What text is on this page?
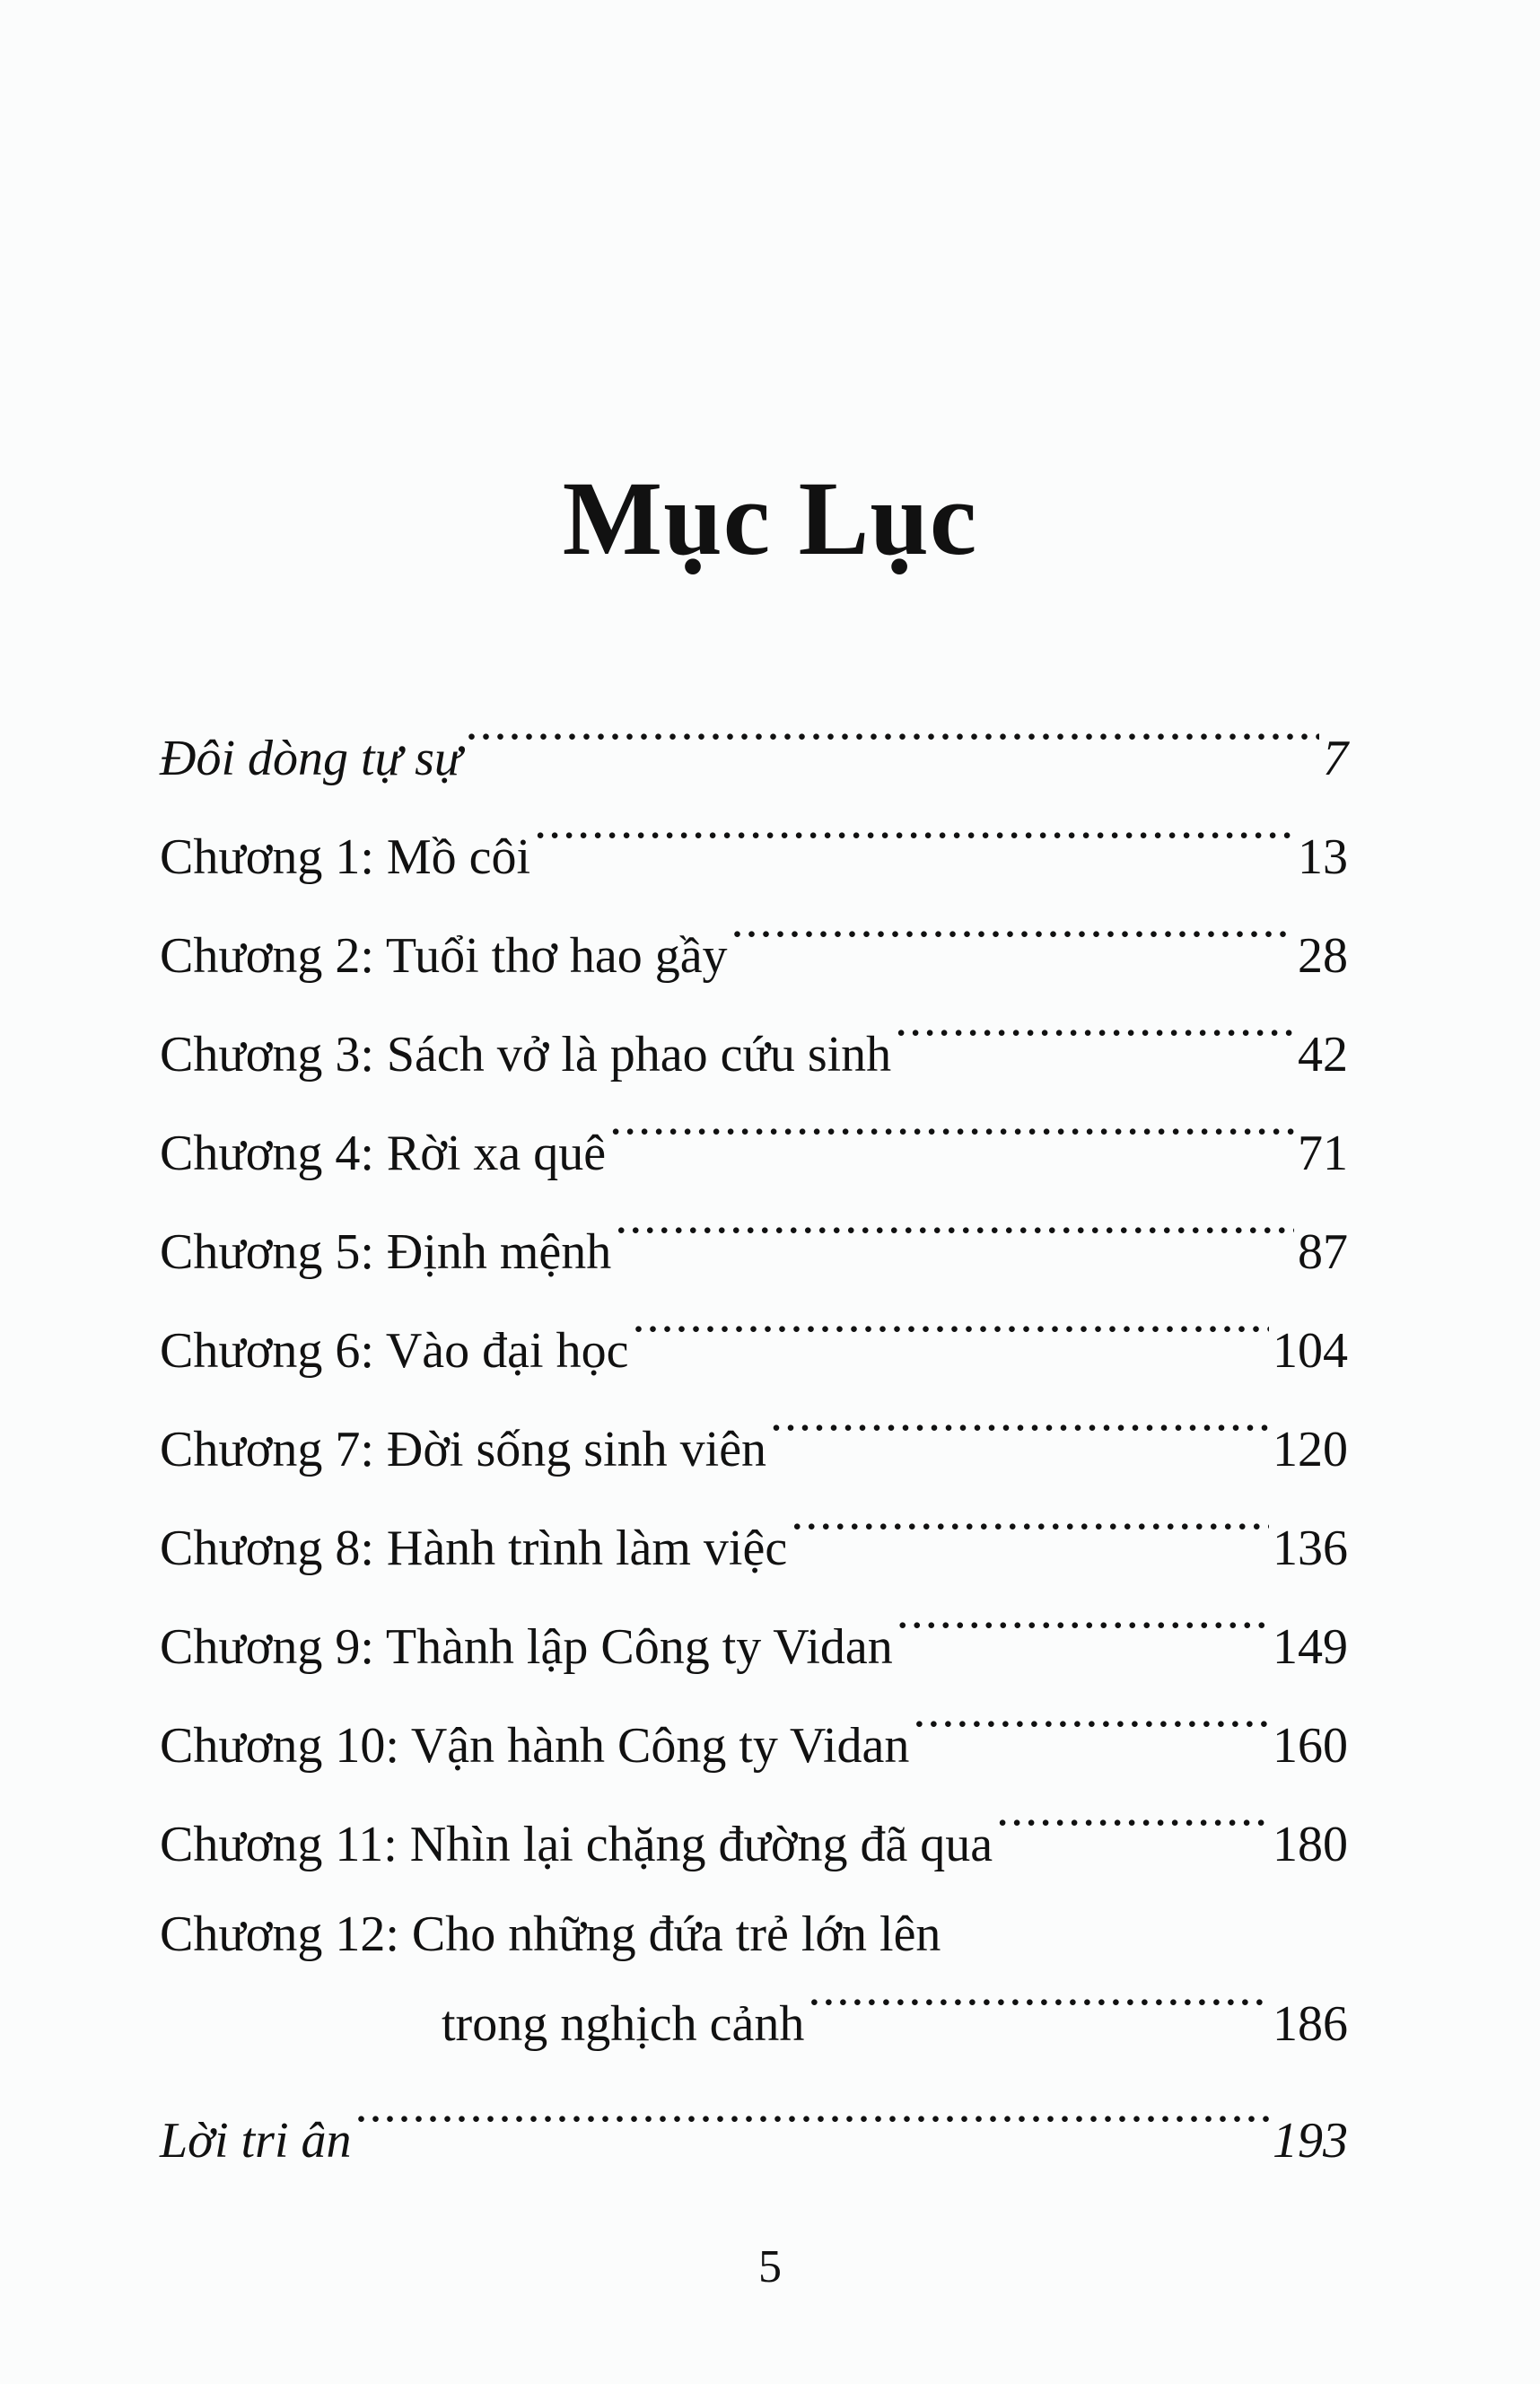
Mục Lục
Đôi dòng tự sự . . .	7
Chương 1: Mồ côi . . .	13
Chương 2: Tuổi thơ hao gầy . . .	28
Chương 3: Sách vở là phao cứu sinh . . .	42
Chương 4: Rời xa quê . . .	71
Chương 5: Định mệnh . . .	87
Chương 6: Vào đại học . . .	104
Chương 7: Đời sống sinh viên . . .	120
Chương 8: Hành trình làm việc . . .	136
Chương 9: Thành lập Công ty Vidan . . .	149
Chương 10: Vận hành Công ty Vidan . . .	160
Chương 11: Nhìn lại chặng đường đã qua . . .	180
Chương 12: Cho những đứa trẻ lớn lên
trong nghịch cảnh . . .	186
Lời tri ân . . .	193
5
